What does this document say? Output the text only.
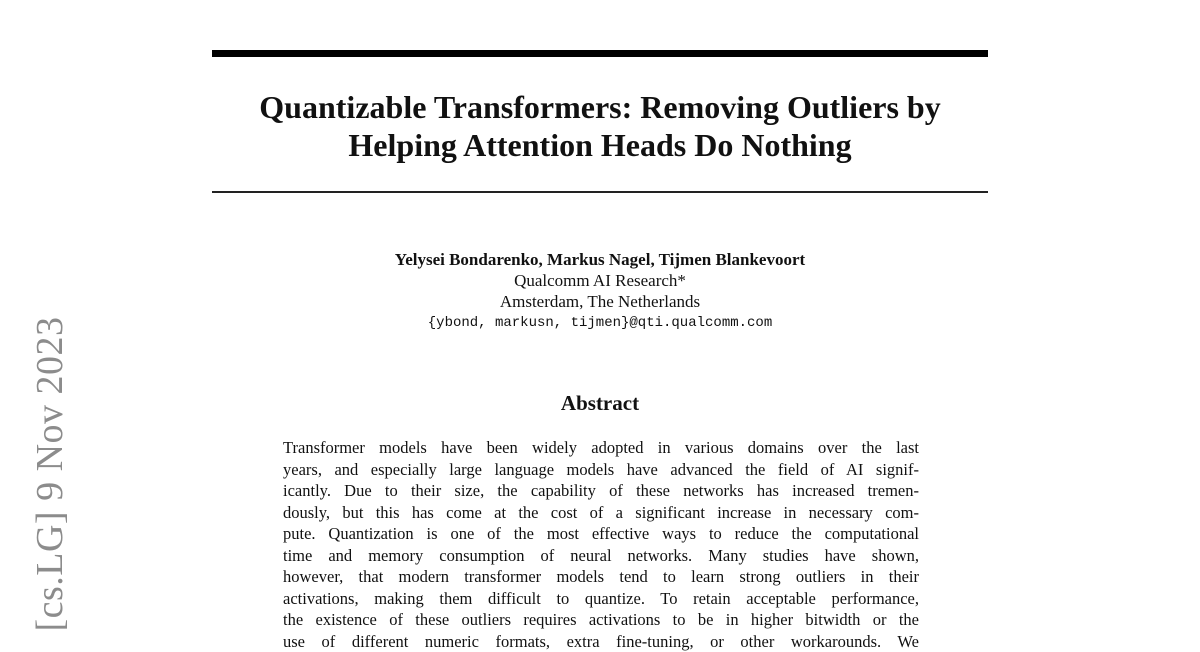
[cs.LG] 9 Nov 2023
Quantizable Transformers: Removing Outliers by
Helping Attention Heads Do Nothing
Yelysei Bondarenko, Markus Nagel, Tijmen Blankevoort
Qualcomm AI Research*
Amsterdam, The Netherlands
{ybond, markusn, tijmen}@qti.qualcomm.com
Abstract
Transformer models have been widely adopted in various domains over the last
years, and especially large language models have advanced the field of AI signif-
icantly. Due to their size, the capability of these networks has increased tremen-
dously, but this has come at the cost of a significant increase in necessary com-
pute. Quantization is one of the most effective ways to reduce the computational
time and memory consumption of neural networks. Many studies have shown,
however, that modern transformer models tend to learn strong outliers in their
activations, making them difficult to quantize. To retain acceptable performance,
the existence of these outliers requires activations to be in higher bitwidth or the
use of different numeric formats, extra fine-tuning, or other workarounds. We
